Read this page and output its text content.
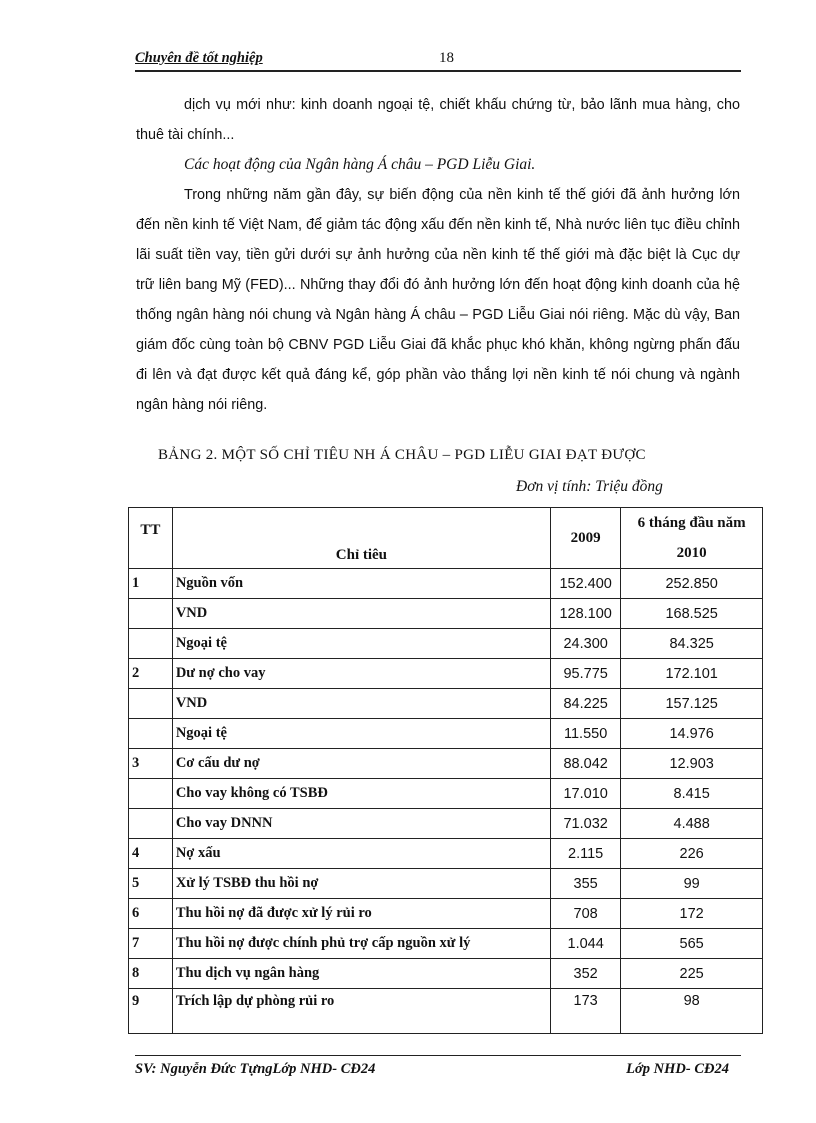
Chuyên đề tốt nghiệp	18

dịch vụ mới như: kinh doanh ngoại tệ, chiết khấu chứng từ, bảo lãnh mua hàng, cho thuê tài chính...

Các hoạt động của Ngân hàng Á châu – PGD Liễu Giai.

Trong những năm gần đây, sự biến động của nền kinh tế thế giới đã ảnh hưởng lớn đến nền kinh tế Việt Nam, để giảm tác động xấu đến nền kinh tế, Nhà nước liên tục điều chỉnh lãi suất tiền vay, tiền gửi dưới sự ảnh hưởng của nền kinh tế thế giới mà đặc biệt là Cục dự trữ liên bang Mỹ (FED)... Những thay đổi đó ảnh hưởng lớn đến hoạt động kinh doanh của hệ thống ngân hàng nói chung và Ngân hàng Á châu – PGD Liễu Giai nói riêng. Mặc dù vậy, Ban giám đốc cùng toàn bộ CBNV PGD Liễu Giai đã khắc phục khó khăn, không ngừng phấn đấu đi lên và đạt được kết quả đáng kể, góp phần vào thắng lợi nền kinh tế nói chung và ngành ngân hàng nói riêng.

BẢNG 2. MỘT SỐ CHỈ TIÊU NH Á CHÂU – PGD LIỄU GIAI ĐẠT ĐƯỢC
Đơn vị tính: Triệu đồng
TT	Chỉ tiêu	2009	6 tháng đầu năm
2010
1	Nguồn vốn	152.400	252.850
	VND	128.100	168.525
	Ngoại tệ	24.300	84.325
2	Dư nợ cho vay	95.775	172.101
	VND	84.225	157.125
	Ngoại tệ	11.550	14.976
3	Cơ cấu dư nợ	88.042	12.903
	Cho vay không có TSBĐ	17.010	8.415
	Cho vay DNNN	71.032	4.488
4	Nợ xấu	2.115	226
5	Xử lý TSBĐ thu hồi nợ	355	99
6	Thu hồi nợ đã được xử lý rủi ro	708	172
7	Thu hồi nợ được chính phủ trợ cấp nguồn xử lý	1.044	565
8	Thu dịch vụ ngân hàng	352	225
9	Trích lập dự phòng rủi ro	173	98
SV: Nguyễn Đức TựngLớp NHD- CĐ24	Lớp NHD- CĐ24
